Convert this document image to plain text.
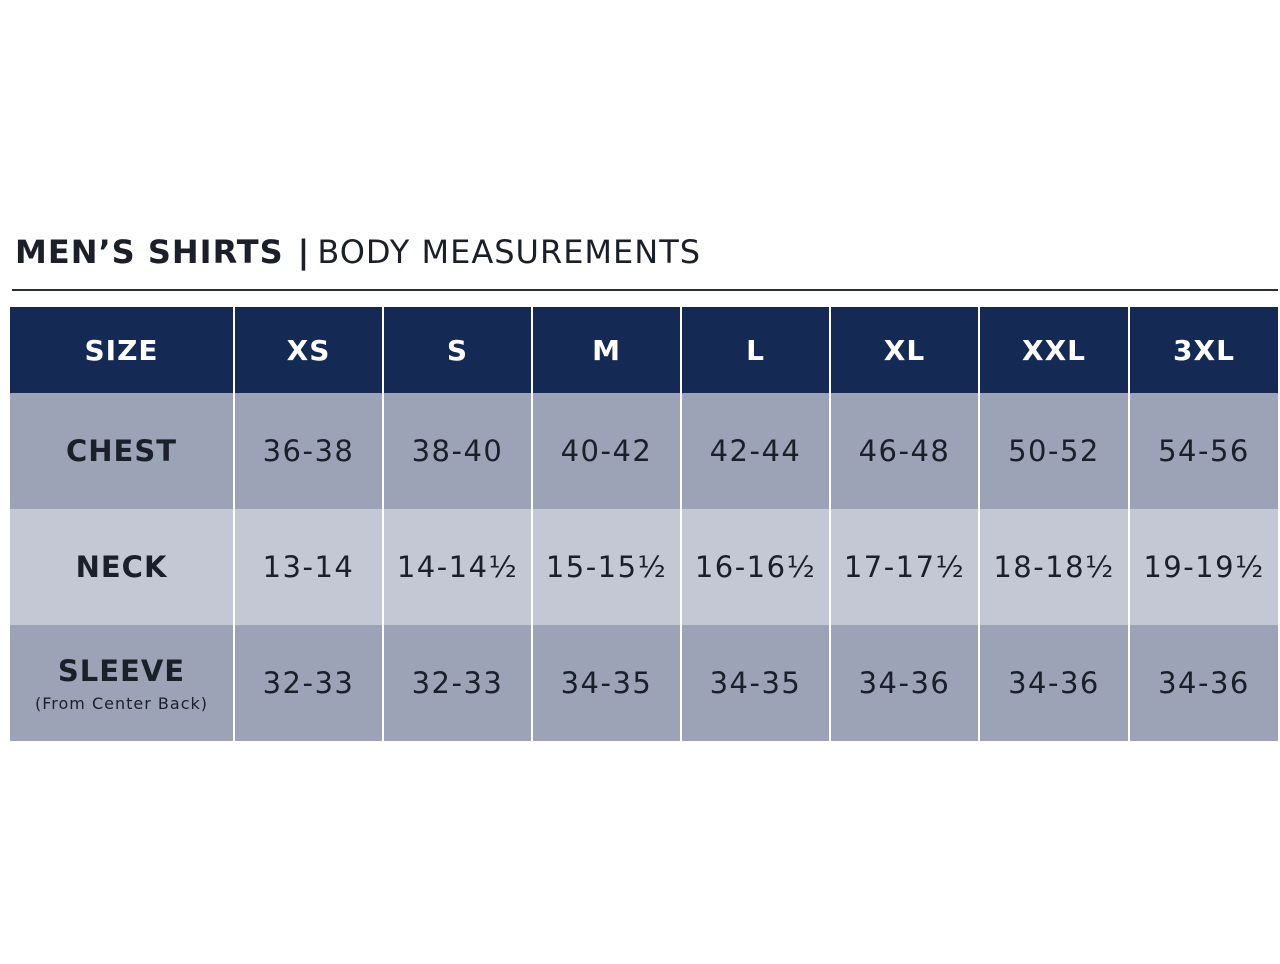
MEN’S SHIRTS | BODY MEASUREMENTS
SIZE	XS	S	M	L	XL	XXL	3XL
CHEST	36-38	38-40	40-42	42-44	46-48	50-52	54-56
NECK	13-14	14-14½	15-15½	16-16½	17-17½	18-18½	19-19½
SLEEVE
(From Center Back)	32-33	32-33	34-35	34-35	34-36	34-36	34-36
